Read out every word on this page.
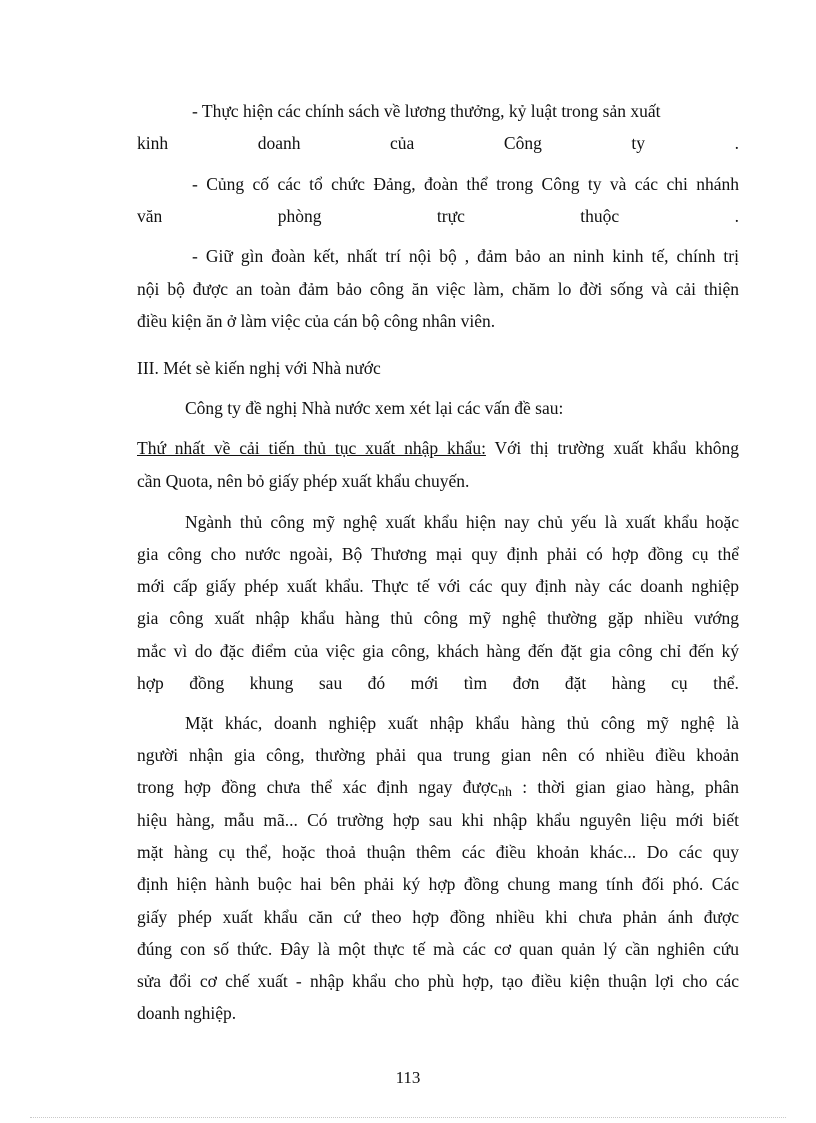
- Thực hiện các chính sách về lương thưởng, kỷ luật trong sản xuất
kinh	doanh	của	Công	ty	.
- Củng cố các tổ chức Đảng, đoàn thể trong Công ty và các chi nhánh
văn	phòng	trực	thuộc	.
- Giữ gìn đoàn kết, nhất trí nội bộ , đảm bảo an ninh kinh tế, chính trị
nội bộ được an toàn đảm bảo công ăn việc làm, chăm lo đời sống và cải thiện
điều kiện ăn ở làm việc của cán bộ công nhân viên.
III. Mét sè kiến nghị với Nhà nước
Công ty đề nghị Nhà nước xem xét lại các vấn đề sau:
Thứ nhất về cải tiến thủ tục xuất nhập khẩu: Với thị trường xuất khẩu không
cần Quota, nên bỏ giấy phép xuất khẩu chuyến.
Ngành thủ công mỹ nghệ xuất khẩu hiện nay chủ yếu là xuất khẩu hoặc
gia công cho nước ngoài, Bộ Thương mại quy định phải có hợp đồng cụ thể
mới cấp giấy phép xuất khẩu. Thực tế với các quy định này các doanh nghiệp
gia công xuất nhập khẩu hàng thủ công mỹ nghệ thường gặp nhiều vướng
mắc vì do đặc điểm của việc gia công, khách hàng đến đặt gia công chỉ đến ký
hợp đồng khung sau đó mới tìm đơn đặt hàng cụ thể.
Mặt khác, doanh nghiệp xuất nhập khẩu hàng thủ công mỹ nghệ là
người nhận gia công, thường phải qua trung gian nên có nhiều điều khoản
trong hợp đồng chưa thể xác định ngay đượcnh : thời gian giao hàng, phân
hiệu hàng, mẫu mã... Có trường hợp sau khi nhập khẩu nguyên liệu mới biết
mặt hàng cụ thể, hoặc thoả thuận thêm các điều khoản khác... Do các quy
định hiện hành buộc hai bên phải ký hợp đồng chung mang tính đối phó. Các
giấy phép xuất khẩu căn cứ theo hợp đồng nhiều khi chưa phản ánh được
đúng con số thức. Đây là một thực tế mà các cơ quan quản lý cần nghiên cứu
sửa đổi cơ chế xuất - nhập khẩu cho phù hợp, tạo điều kiện thuận lợi cho các
doanh nghiệp.
113
